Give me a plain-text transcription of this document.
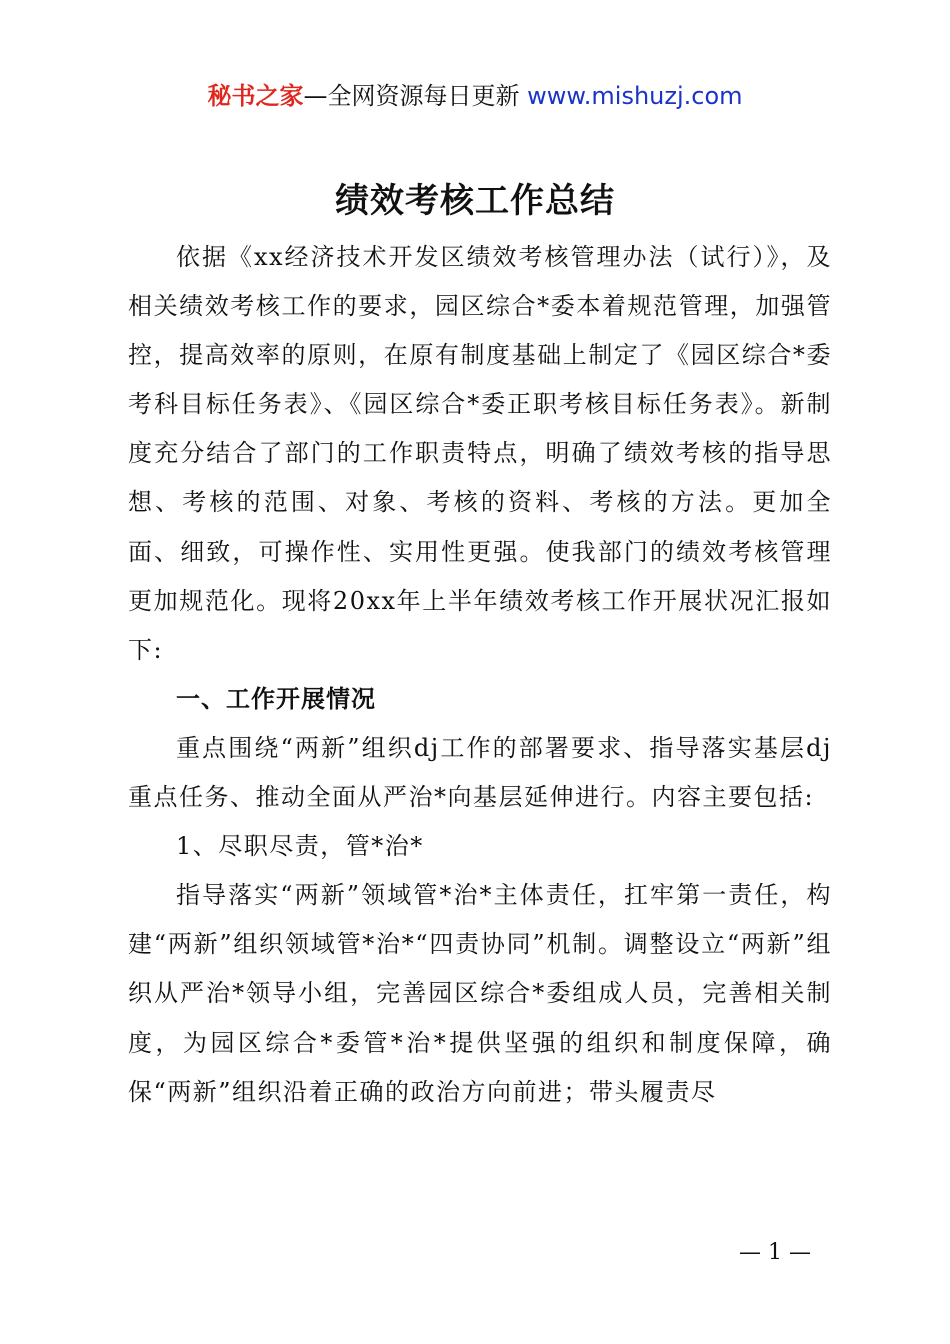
秘书之家—全网资源每日更新 www.mishuzj.com
绩效考核工作总结

依据《xx经济技术开发区绩效考核管理办法（试行）》，及相关绩效考核工作的要求，园区综合*委本着规范管理，加强管控，提高效率的原则，在原有制度基础上制定了《园区综合*委考科目标任务表》、《园区综合*委正职考核目标任务表》。新制度充分结合了部门的工作职责特点，明确了绩效考核的指导思想、考核的范围、对象、考核的资料、考核的方法。更加全面、细致，可操作性、实用性更强。使我部门的绩效考核管理更加规范化。现将20xx年上半年绩效考核工作开展状况汇报如下:

一、工作开展情况

重点围绕“两新”组织dj工作的部署要求、指导落实基层dj重点任务、推动全面从严治*向基层延伸进行。内容主要包括:

1、尽职尽责，管*治*

指导落实“两新”领域管*治*主体责任，扛牢第一责任，构建“两新”组织领域管*治*“四责协同”机制。调整设立“两新”组织从严治*领导小组，完善园区综合*委组成人员，完善相关制度，为园区综合*委管*治*提供坚强的组织和制度保障，确保“两新”组织沿着正确的政治方向前进；带头履责尽

— 1 —
